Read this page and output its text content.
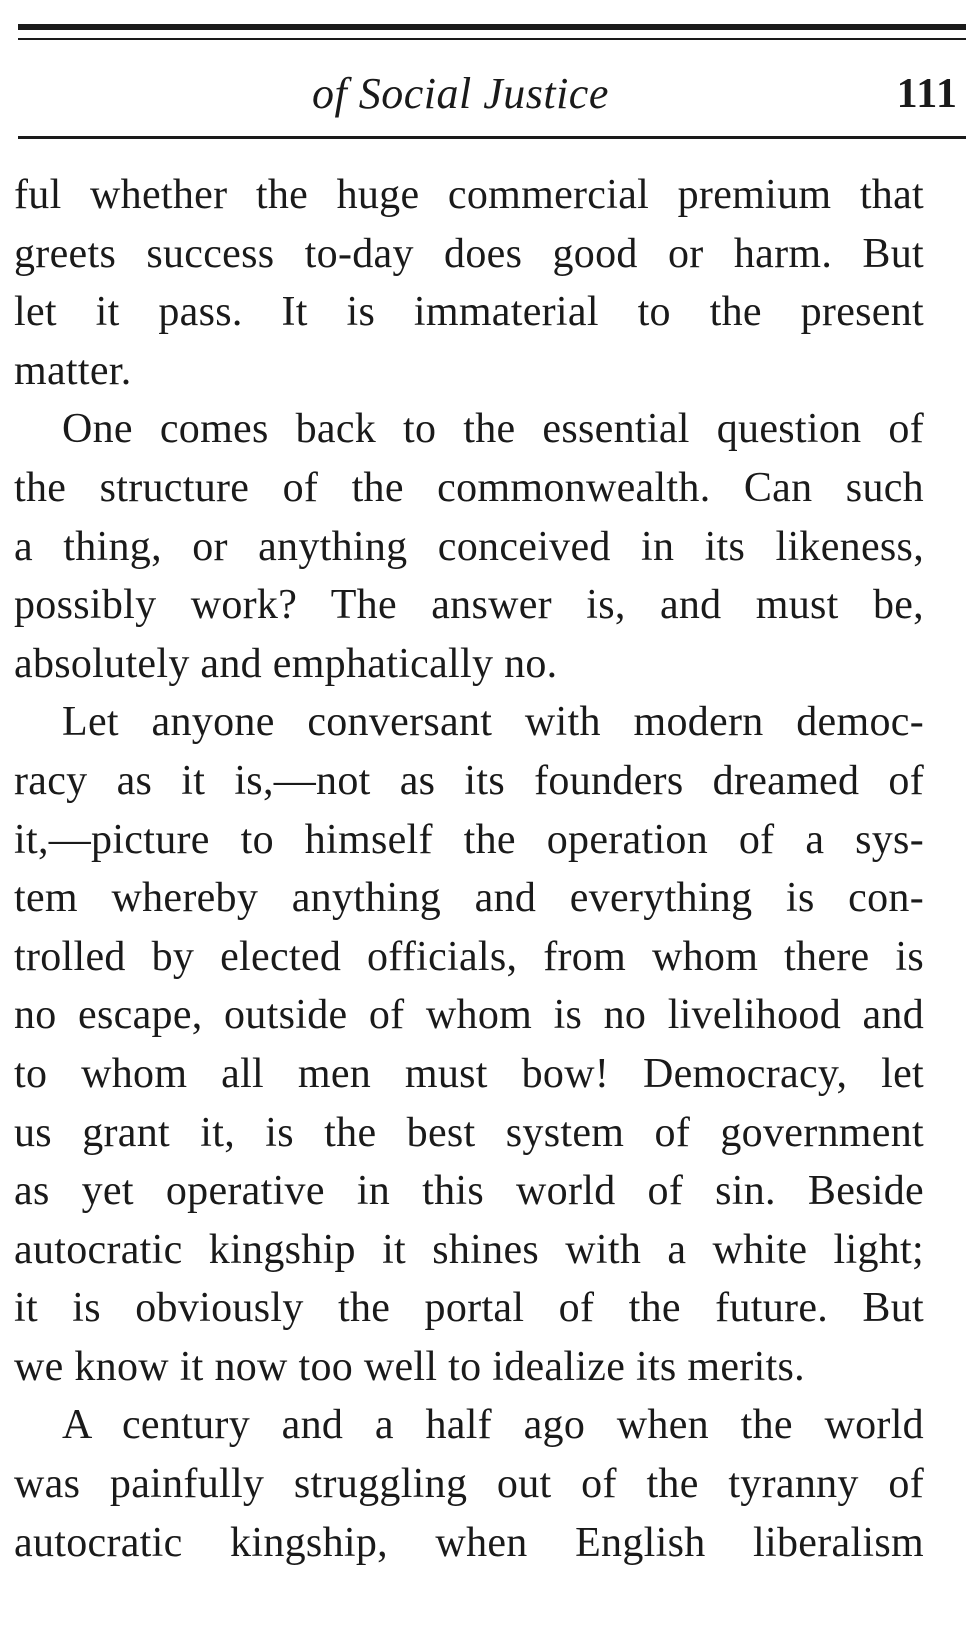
of Social Justice	111
ful whether the huge commercial premium that
greets success to-day does good or harm. But
let it pass. It is immaterial to the present
matter.
One comes back to the essential question of
the structure of the commonwealth. Can such
a thing, or anything conceived in its likeness,
possibly work? The answer is, and must be,
absolutely and emphatically no.
Let anyone conversant with modern democ-
racy as it is,—not as its founders dreamed of
it,—picture to himself the operation of a sys-
tem whereby anything and everything is con-
trolled by elected officials, from whom there is
no escape, outside of whom is no livelihood and
to whom all men must bow! Democracy, let
us grant it, is the best system of government
as yet operative in this world of sin. Beside
autocratic kingship it shines with a white light;
it is obviously the portal of the future. But
we know it now too well to idealize its merits.
A century and a half ago when the world
was painfully struggling out of the tyranny of
autocratic kingship, when English liberalism
